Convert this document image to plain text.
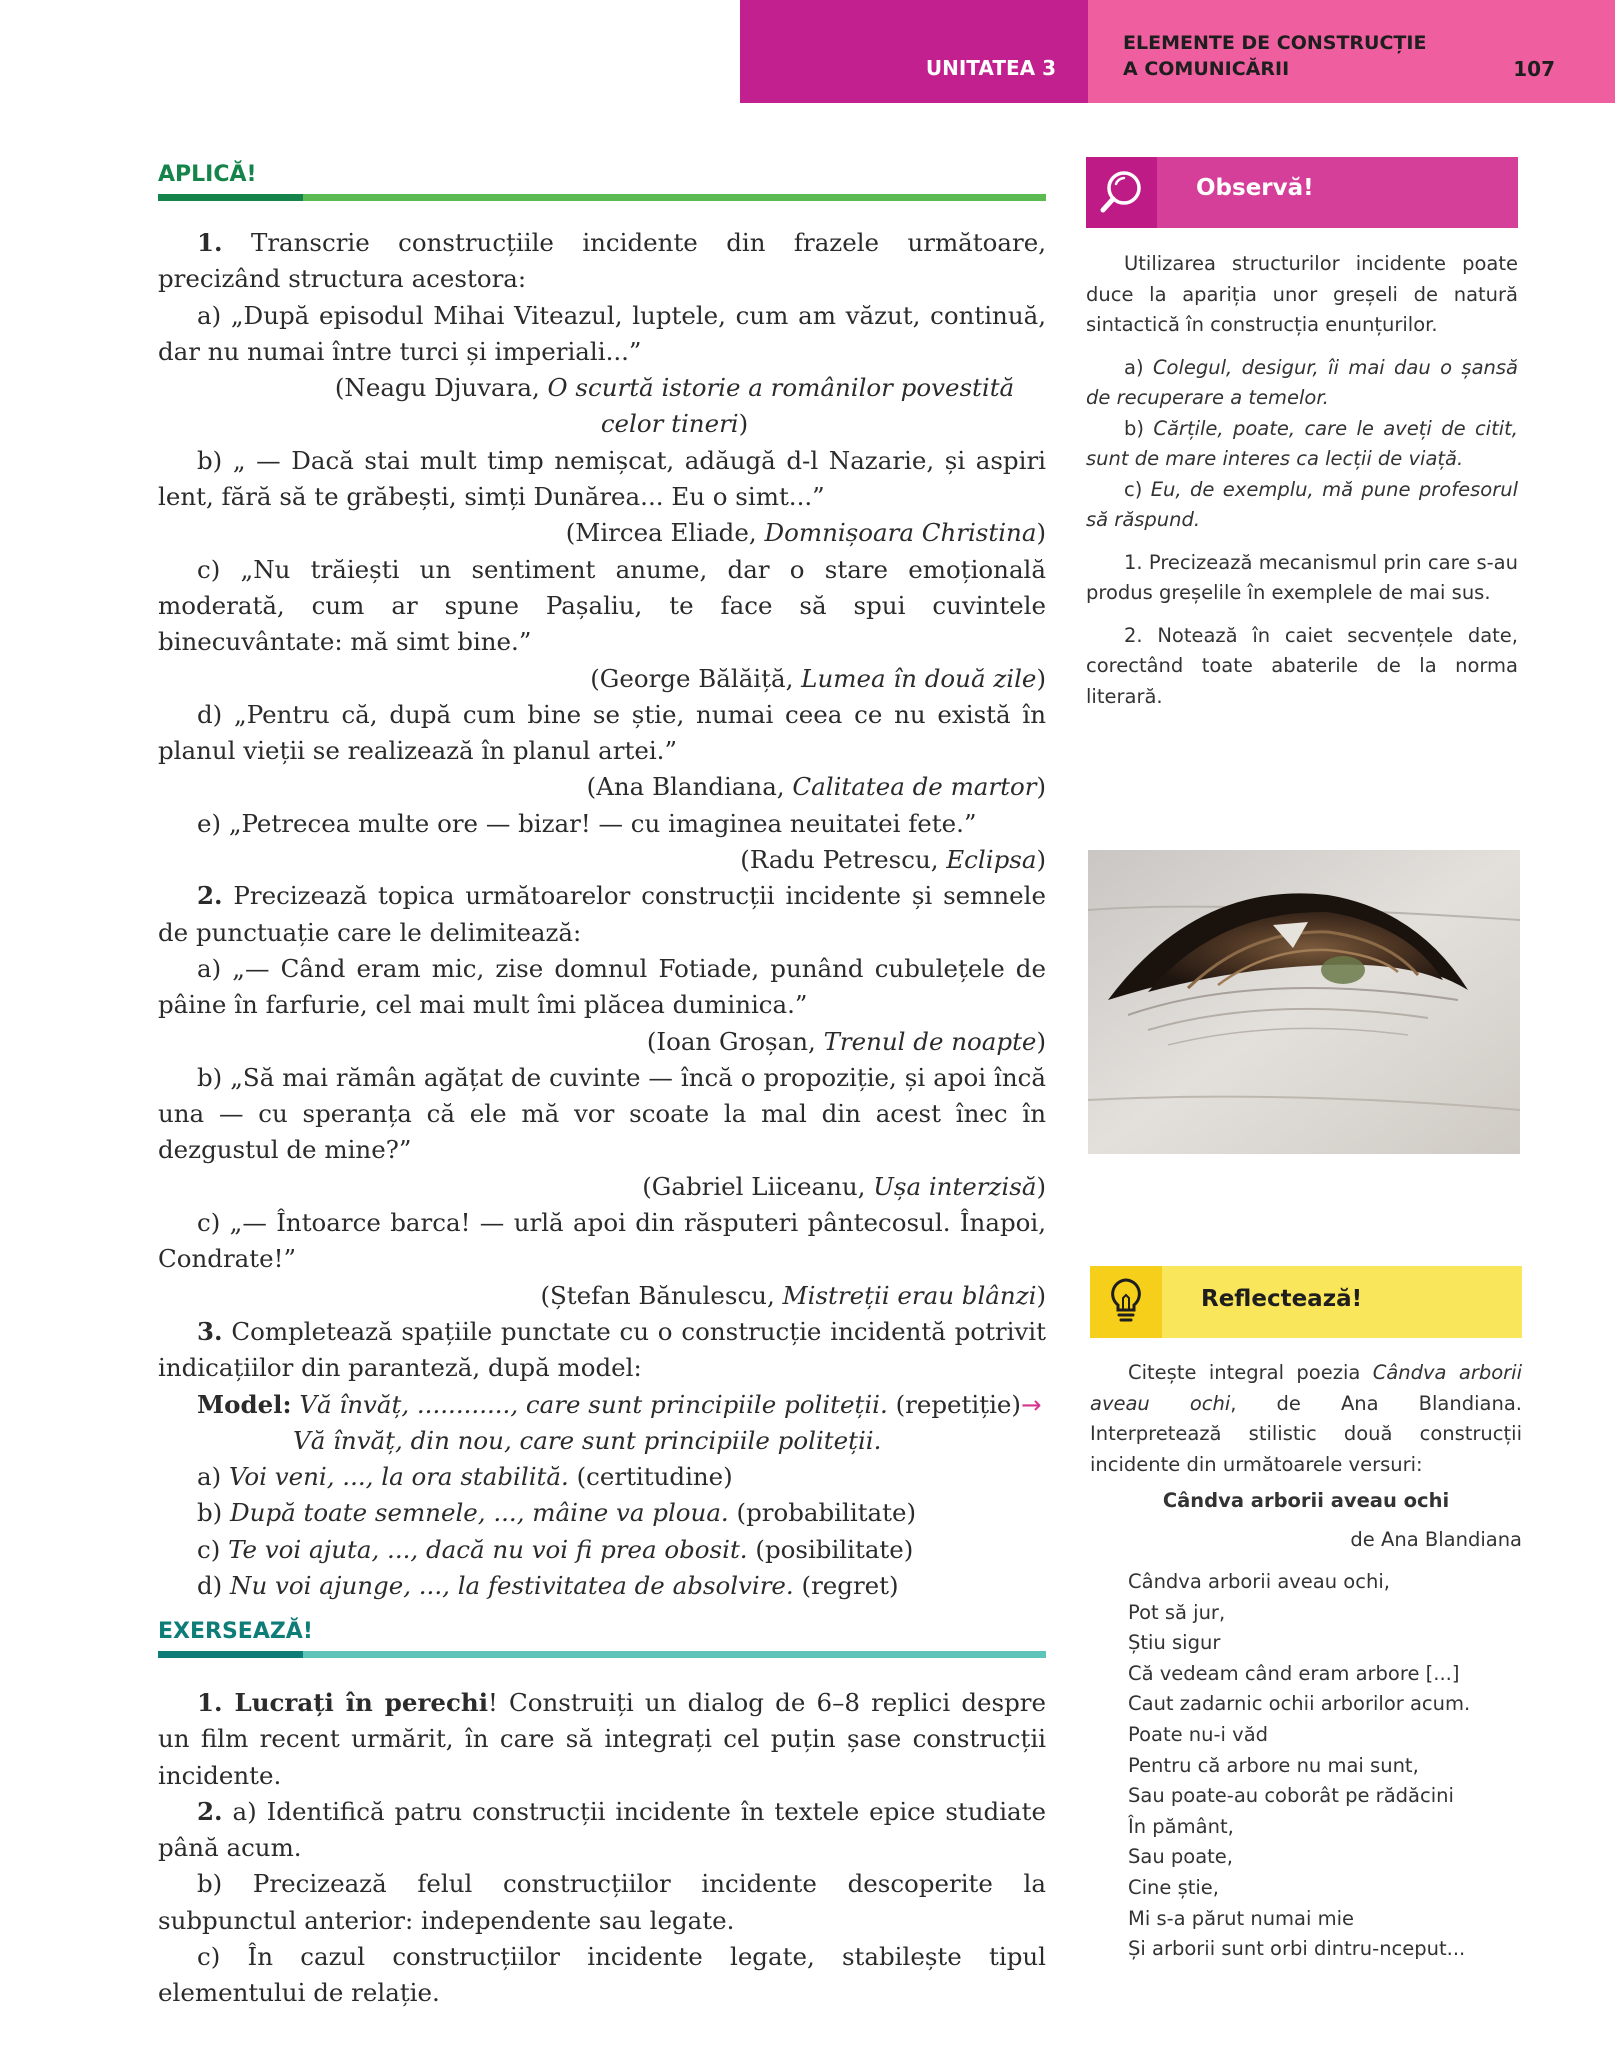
UNITATEA 3
ELEMENTE DE CONSTRUCȚIE
A COMUNICĂRII	107
APLICĂ!

1. Transcrie construcțiile incidente din frazele următoare, precizând structura acestora:

a) „După episodul Mihai Viteazul, luptele, cum am văzut, continuă, dar nu numai între turci și imperiali...”

(Neagu Djuvara, O scurtă istorie a românilor povestită celor tineri)

b) „ — Dacă stai mult timp nemișcat, adăugă d-l Nazarie, și aspiri lent, fără să te grăbești, simți Dunărea... Eu o simt...”

(Mircea Eliade, Domnișoara Christina)

c) „Nu trăiești un sentiment anume, dar o stare emoțională moderată, cum ar spune Pașaliu, te face să spui cuvintele binecuvântate: mă simt bine.”

(George Bălăiță, Lumea în două zile)

d) „Pentru că, după cum bine se știe, numai ceea ce nu există în planul vieții se realizează în planul artei.”

(Ana Blandiana, Calitatea de martor)

e) „Petrecea multe ore — bizar! — cu imaginea neuitatei fete.”

(Radu Petrescu, Eclipsa)

2. Precizează topica următoarelor construcții incidente și semnele de punctuație care le delimitează:

a) „— Când eram mic, zise domnul Fotiade, punând cubulețele de pâine în farfurie, cel mai mult îmi plăcea duminica.”

(Ioan Groșan, Trenul de noapte)

b) „Să mai rămân agățat de cuvinte — încă o propoziție, și apoi încă una — cu speranța că ele mă vor scoate la mal din acest înec în dezgustul de mine?”

(Gabriel Liiceanu, Ușa interzisă)

c) „— Întoarce barca! — urlă apoi din răsputeri pântecosul. Înapoi, Condrate!”

(Ștefan Bănulescu, Mistreții erau blânzi)

3. Completează spațiile punctate cu o construcție incidentă potrivit indicațiilor din paranteză, după model:

Model: Vă învăț, ............, care sunt principiile politeții. (repetiție)→

Vă învăț, din nou, care sunt principiile politeții.

a) Voi veni, ..., la ora stabilită. (certitudine)

b) După toate semnele, ..., mâine va ploua. (probabilitate)

c) Te voi ajuta, ..., dacă nu voi fi prea obosit. (posibilitate)

d) Nu voi ajunge, ..., la festivitatea de absolvire. (regret)

EXERSEAZĂ!

1. Lucrați în perechi! Construiți un dialog de 6–8 replici despre un film recent urmărit, în care să integrați cel puțin șase construcții incidente.

2. a) Identifică patru construcții incidente în textele epice studiate până acum.

b) Precizează felul construcțiilor incidente descoperite la subpunctul anterior: independente sau legate.

c) În cazul construcțiilor incidente legate, stabilește tipul elementului de relație.

Observă!

Utilizarea structurilor incidente poate duce la apariția unor greșeli de natură sintactică în construcția enunțurilor.

a) Colegul, desigur, îi mai dau o șansă de recuperare a temelor.

b) Cărțile, poate, care le aveți de citit, sunt de mare interes ca lecții de viață.

c) Eu, de exemplu, mă pune profesorul să răspund.

1. Precizează mecanismul prin care s-au produs greșelile în exemplele de mai sus.

2. Notează în caiet secvențele date, corectând toate abaterile de la norma literară.

Reflectează!

Citește integral poezia Cândva arborii aveau ochi, de Ana Blandiana. Interpretează stilistic două construcții incidente din următoarele versuri:

Cândva arborii aveau ochi

de Ana Blandiana

Cândva arborii aveau ochi,
Pot să jur,
Știu sigur
Că vedeam când eram arbore [...]
Caut zadarnic ochii arborilor acum.
Poate nu-i văd
Pentru că arbore nu mai sunt,
Sau poate-au coborât pe rădăcini
În pământ,
Sau poate,
Cine știe,
Mi s-a părut numai mie
Și arborii sunt orbi dintru-nceput...
